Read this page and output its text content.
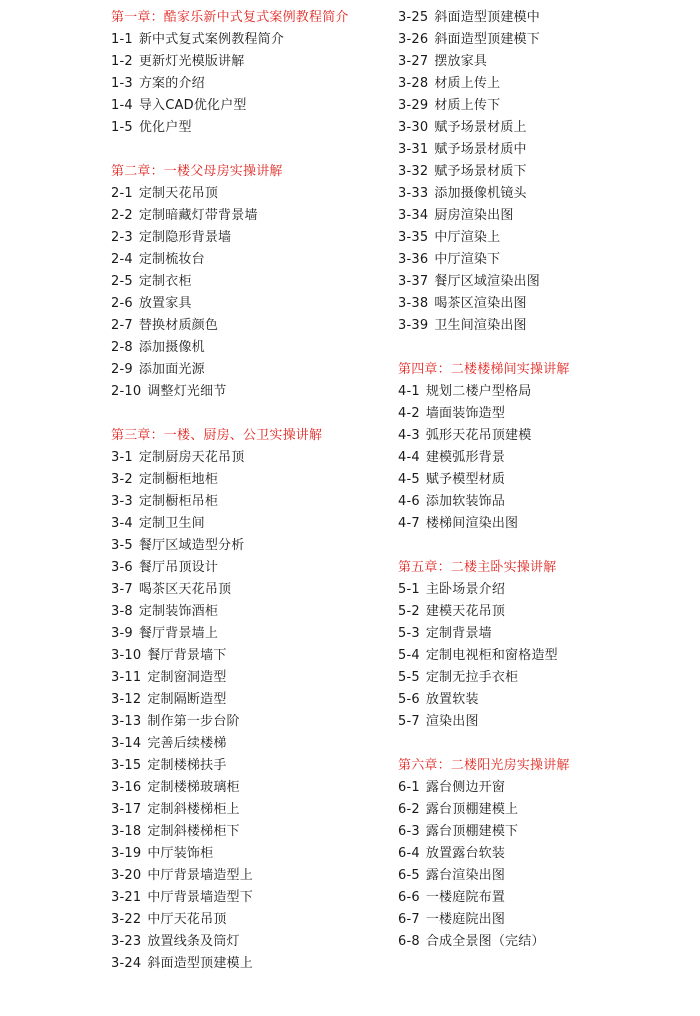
第一章：酷家乐新中式复式案例教程简介
1-1 新中式复式案例教程简介
1-2 更新灯光模版讲解
1-3 方案的介绍
1-4 导入CAD优化户型
1-5 优化户型
第二章：一楼父母房实操讲解
2-1 定制天花吊顶
2-2 定制暗藏灯带背景墙
2-3 定制隐形背景墙
2-4 定制梳妆台
2-5 定制衣柜
2-6 放置家具
2-7 替换材质颜色
2-8 添加摄像机
2-9 添加面光源
2-10 调整灯光细节
第三章：一楼、厨房、公卫实操讲解
3-1 定制厨房天花吊顶
3-2 定制橱柜地柜
3-3 定制橱柜吊柜
3-4 定制卫生间
3-5 餐厅区域造型分析
3-6 餐厅吊顶设计
3-7 喝茶区天花吊顶
3-8 定制装饰酒柜
3-9 餐厅背景墙上
3-10 餐厅背景墙下
3-11 定制窗洞造型
3-12 定制隔断造型
3-13 制作第一步台阶
3-14 完善后续楼梯
3-15 定制楼梯扶手
3-16 定制楼梯玻璃柜
3-17 定制斜楼梯柜上
3-18 定制斜楼梯柜下
3-19 中厅装饰柜
3-20 中厅背景墙造型上
3-21 中厅背景墙造型下
3-22 中厅天花吊顶
3-23 放置线条及筒灯
3-24 斜面造型顶建模上
3-25 斜面造型顶建模中
3-26 斜面造型顶建模下
3-27 摆放家具
3-28 材质上传上
3-29 材质上传下
3-30 赋予场景材质上
3-31 赋予场景材质中
3-32 赋予场景材质下
3-33 添加摄像机镜头
3-34 厨房渲染出图
3-35 中厅渲染上
3-36 中厅渲染下
3-37 餐厅区域渲染出图
3-38 喝茶区渲染出图
3-39 卫生间渲染出图
第四章：二楼楼梯间实操讲解
4-1 规划二楼户型格局
4-2 墙面装饰造型
4-3 弧形天花吊顶建模
4-4 建模弧形背景
4-5 赋予模型材质
4-6 添加软装饰品
4-7 楼梯间渲染出图
第五章：二楼主卧实操讲解
5-1 主卧场景介绍
5-2 建模天花吊顶
5-3 定制背景墙
5-4 定制电视柜和窗格造型
5-5 定制无拉手衣柜
5-6 放置软装
5-7 渲染出图
第六章：二楼阳光房实操讲解
6-1 露台侧边开窗
6-2 露台顶棚建模上
6-3 露台顶棚建模下
6-4 放置露台软装
6-5 露台渲染出图
6-6 一楼庭院布置
6-7 一楼庭院出图
6-8 合成全景图（完结）
